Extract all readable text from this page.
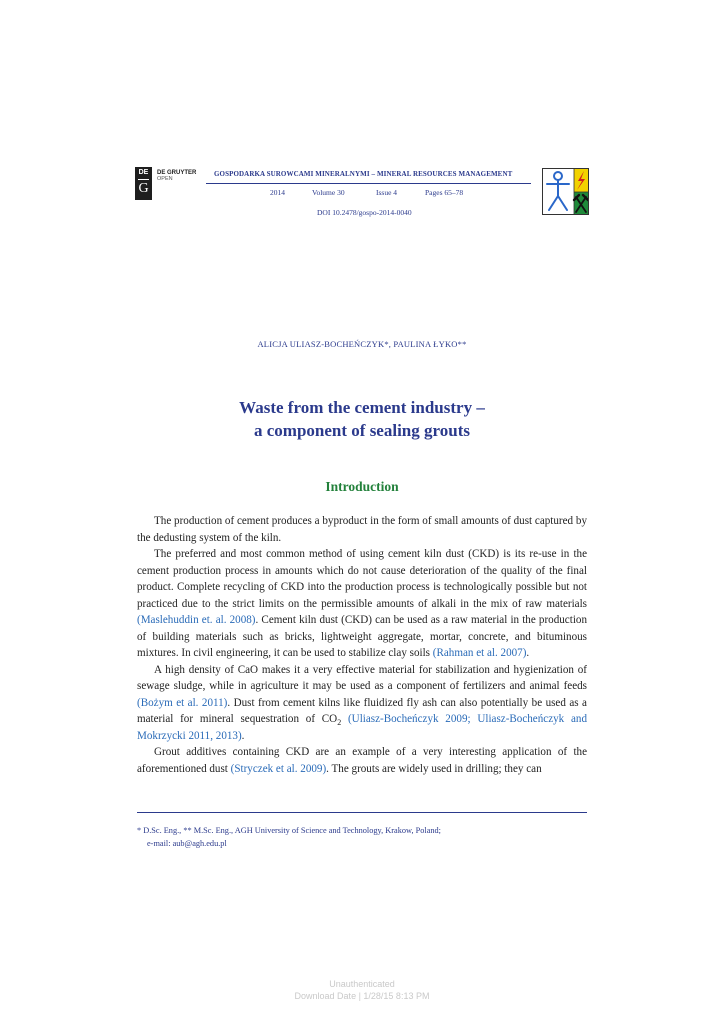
DE
G
DE GRUYTER
OPEN
GOSPODARKA SUROWCAMI MINERALNYMI – MINERAL RESOURCES MANAGEMENT
2014	Volume 30	Issue 4	Pages 65–78
DOI 10.2478/gospo-2014-0040
ALICJA ULIASZ-BOCHEŃCZYK*, PAULINA ŁYKO**
Waste from the cement industry –
a component of sealing grouts
Introduction

The production of cement produces a byproduct in the form of small amounts of dust captured by the dedusting system of the kiln.

The preferred and most common method of using cement kiln dust (CKD) is its re-use in the cement production process in amounts which do not cause deterioration of the quality of the final product. Complete recycling of CKD into the production process is technologically possible but not practiced due to the strict limits on the permissible amounts of alkali in the mix of raw materials (Maslehuddin et. al. 2008). Cement kiln dust (CKD) can be used as a raw material in the production of building materials such as bricks, lightweight aggregate, mortar, concrete, and bituminous mixtures. In civil engineering, it can be used to stabilize clay soils (Rahman et al. 2007).

A high density of CaO makes it a very effective material for stabilization and hygienization of sewage sludge, while in agriculture it may be used as a component of fertilizers and animal feeds (Bożym et al. 2011). Dust from cement kilns like fluidized fly ash can also potentially be used as a material for mineral sequestration of $CO_2$ (Uliasz-Bocheńczyk 2009; Uliasz-Bocheńczyk and Mokrzycki 2011, 2013).

Grout additives containing CKD are an example of a very interesting application of the aforementioned dust (Stryczek et al. 2009). The grouts are widely used in drilling; they can

* D.Sc. Eng., ** M.Sc. Eng., AGH University of Science and Technology, Krakow, Poland;
e-mail: aub@agh.edu.pl
Unauthenticated
Download Date | 1/28/15 8:13 PM
